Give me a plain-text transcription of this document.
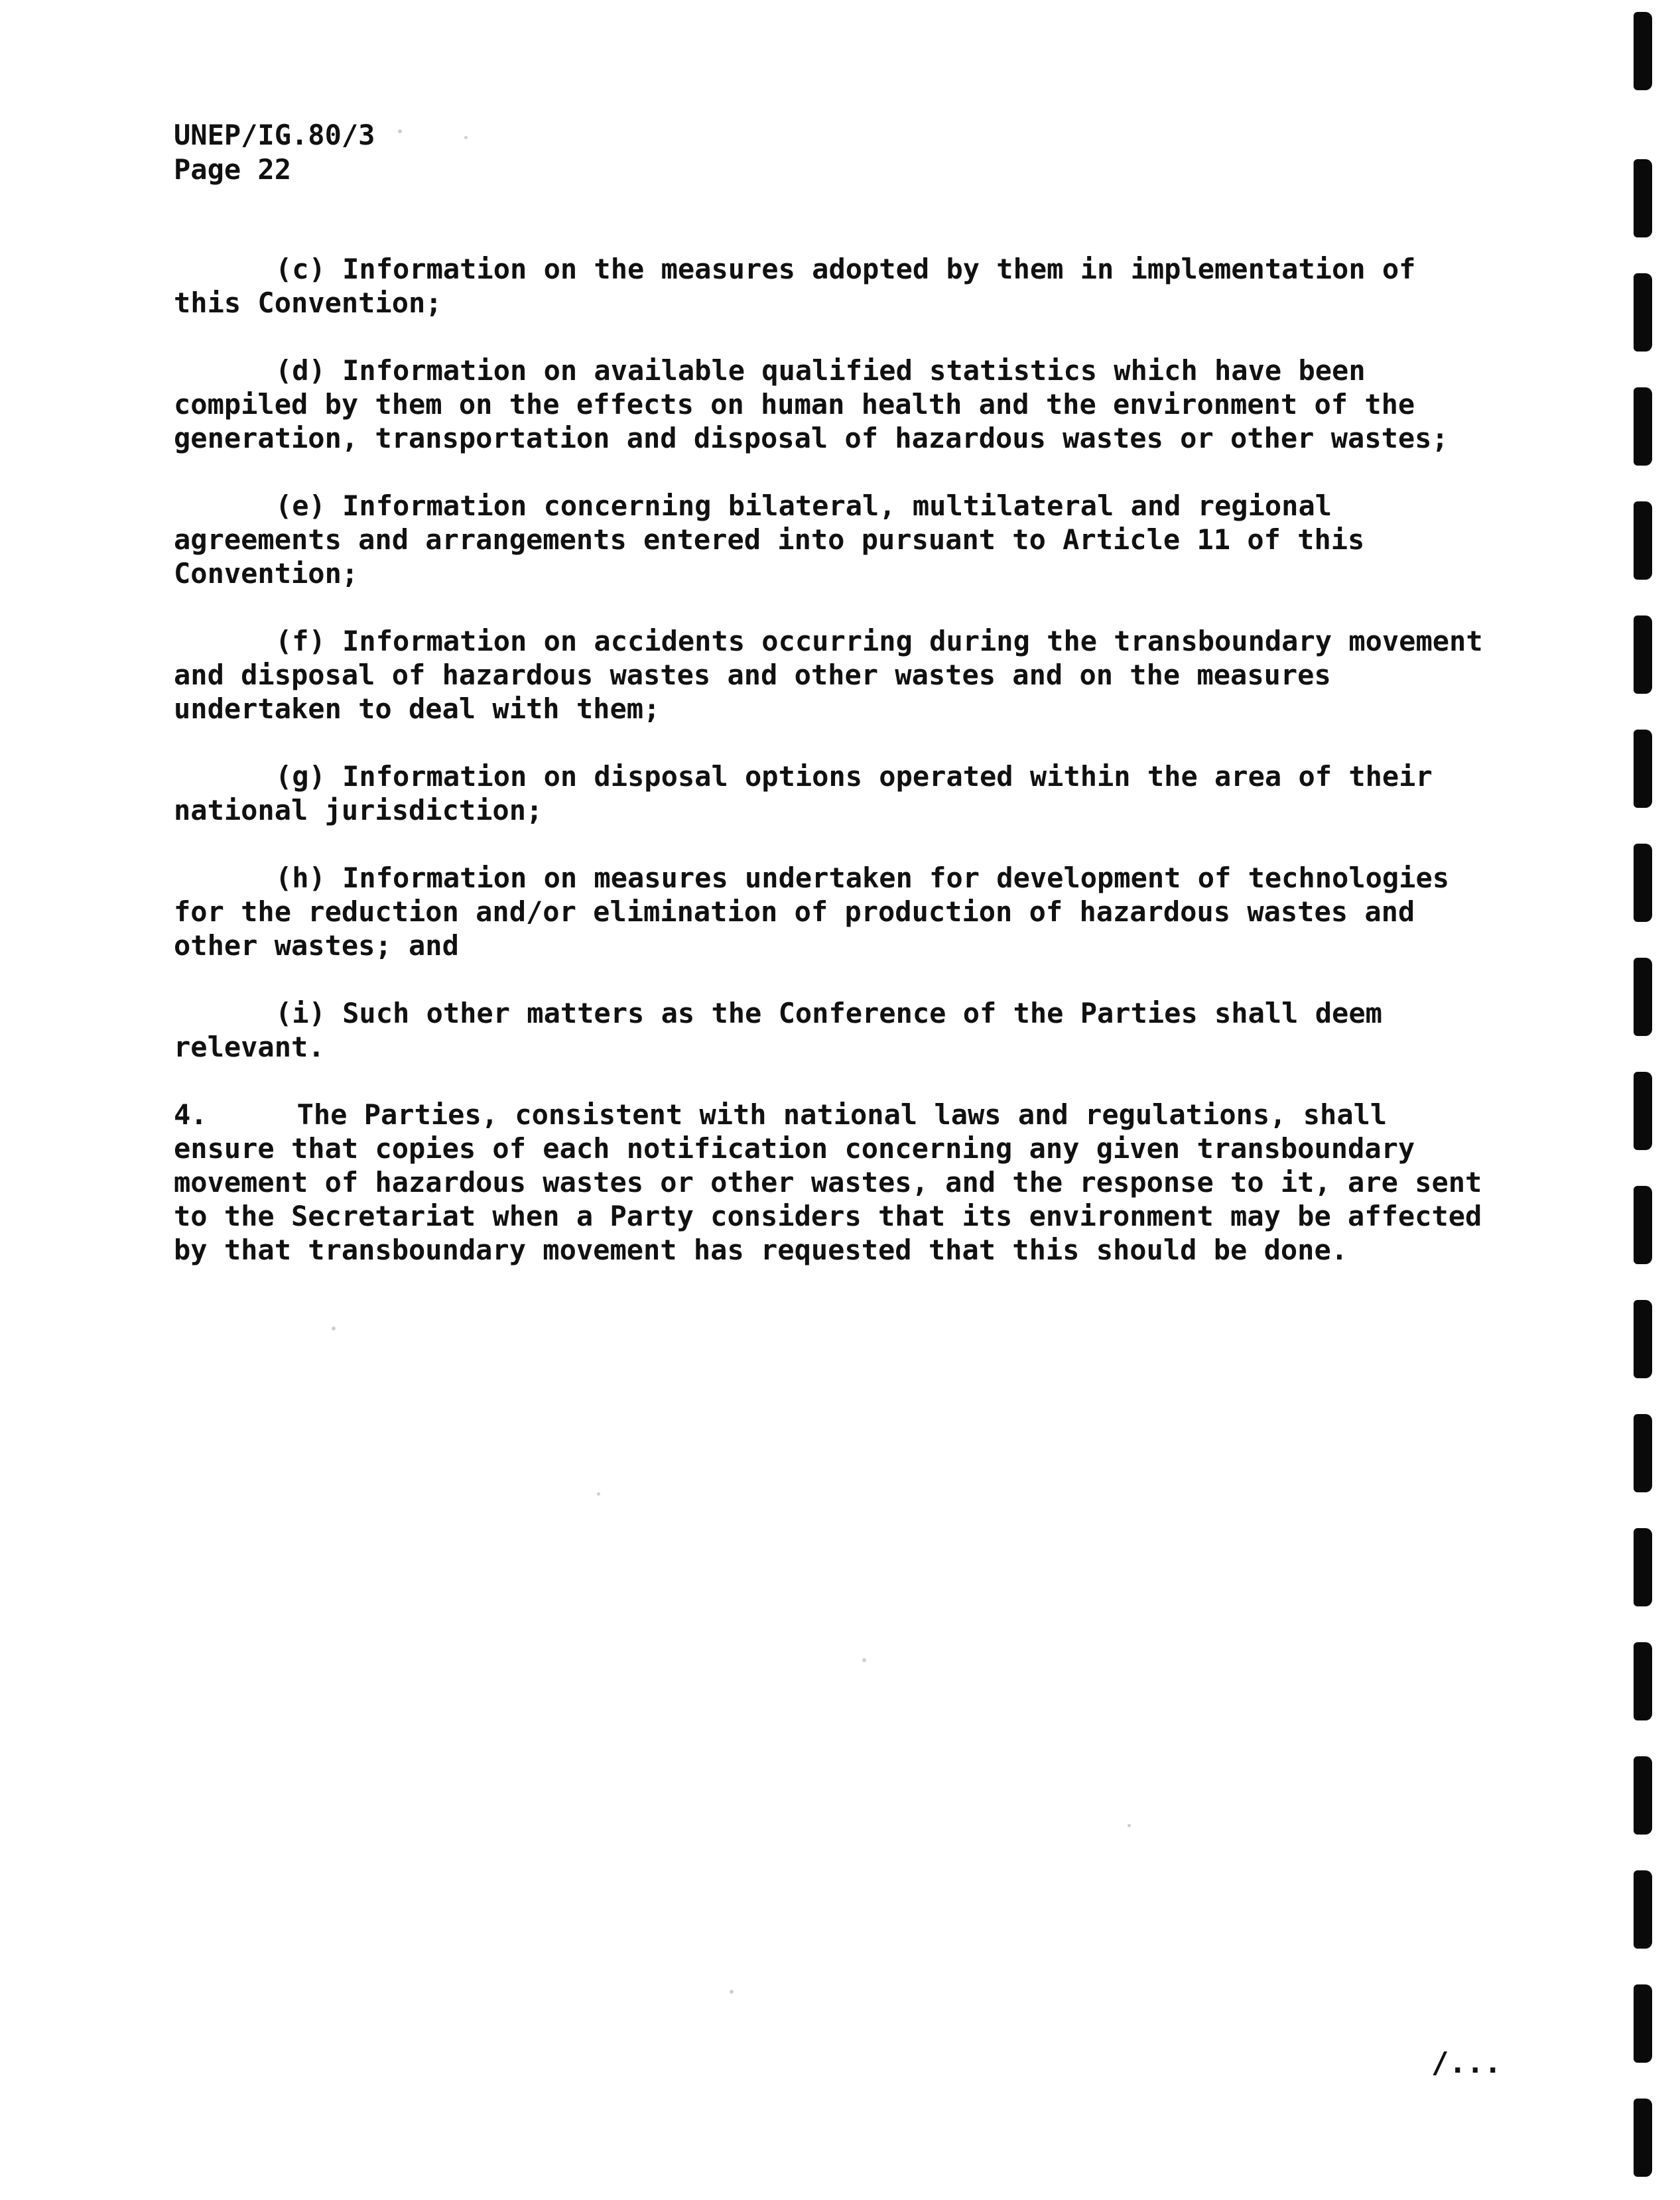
UNEP/IG.80/3
Page 22

(c) Information on the measures adopted by them in implementation of this Convention;

(d) Information on available qualified statistics which have been compiled by them on the effects on human health and the environment of the generation, transportation and disposal of hazardous wastes or other wastes;

(e) Information concerning bilateral, multilateral and regional agreements and arrangements entered into pursuant to Article 11 of this Convention;

(f) Information on accidents occurring during the transboundary movement and disposal of hazardous wastes and other wastes and on the measures undertaken to deal with them;

(g) Information on disposal options operated within the area of their national jurisdiction;

(h) Information on measures undertaken for development of technologies for the reduction and/or elimination of production of hazardous wastes and other wastes; and

(i) Such other matters as the Conference of the Parties shall deem relevant.

4.	The Parties, consistent with national laws and regulations, shall ensure that copies of each notification concerning any given transboundary movement of hazardous wastes or other wastes, and the response to it, are sent to the Secretariat when a Party considers that its environment may be affected by that transboundary movement has requested that this should be done.

/...
